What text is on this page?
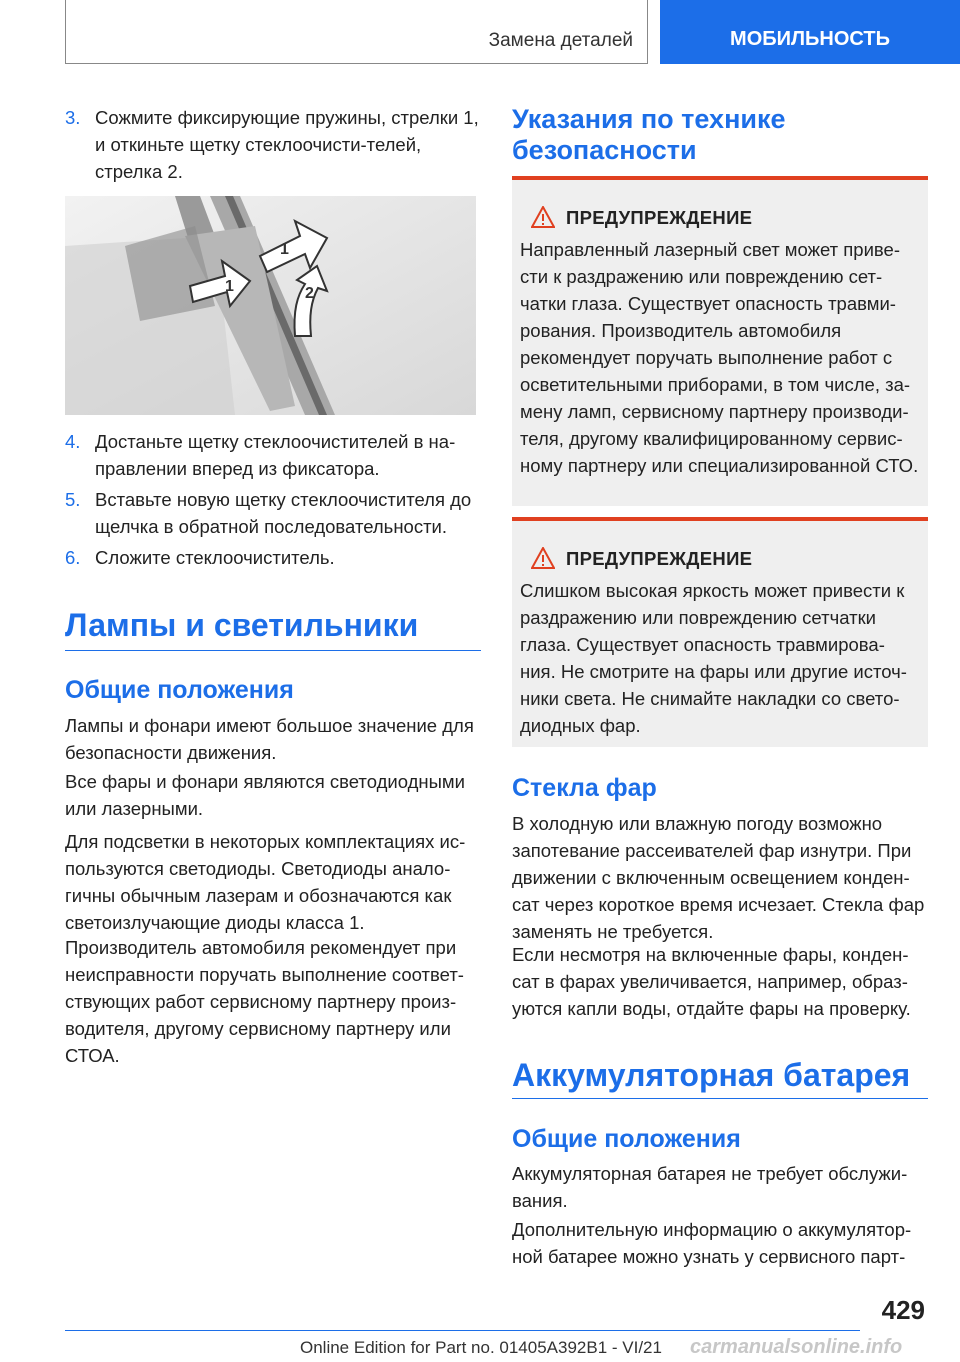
Замена деталей	МОБИЛЬНОСТЬ
3. Сожмите фиксирующие пружины, стрелки 1, и откиньте щетку стеклоочисти-телей, стрелка 2.
1
1
2
4. Достаньте щетку стеклоочистителей в на-правлении вперед из фиксатора.
5. Вставьте новую щетку стеклоочистителя до щелчка в обратной последовательности.
6. Сложите стеклоочиститель.
Лампы и светильники
Общие положения

Лампы и фонари имеют большое значение для безопасности движения.

Все фары и фонари являются светодиодными или лазерными.

Для подсветки в некоторых комплектациях ис-пользуются светодиоды. Светодиоды анало-гичны обычным лазерам и обозначаются как светоизлучающие диоды класса 1.

Производитель автомобиля рекомендует при неисправности поручать выполнение соответ-ствующих работ сервисному партнеру произ-водителя, другому сервисному партнеру или СТОА.

Указания по технике безопасности
ПРЕДУПРЕЖДЕНИЕ

Направленный лазерный свет может приве-сти к раздражению или повреждению сет-чатки глаза. Существует опасность травми-рования. Производитель автомобиля рекомендует поручать выполнение работ с осветительными приборами, в том числе, за-мену ламп, сервисному партнеру производи-теля, другому квалифицированному сервис-ному партнеру или специализированной СТО.

ПРЕДУПРЕЖДЕНИЕ

Слишком высокая яркость может привести к раздражению или повреждению сетчатки глаза. Существует опасность травмирова-ния. Не смотрите на фары или другие источ-ники света. Не снимайте накладки со свето-диодных фар.

Стекла фар

В холодную или влажную погоду возможно запотевание рассеивателей фар изнутри. При движении с включенным освещением конден-сат через короткое время исчезает. Стекла фар заменять не требуется.

Если несмотря на включенные фары, конден-сат в фарах увеличивается, например, образ-уются капли воды, отдайте фары на проверку.

Аккумуляторная батарея
Общие положения

Аккумуляторная батарея не требует обслужи-вания.

Дополнительную информацию о аккумулятор-ной батарее можно узнать у сервисного парт-

429
Online Edition for Part no. 01405A392B1 - VI/21	carmanualsonline.info
